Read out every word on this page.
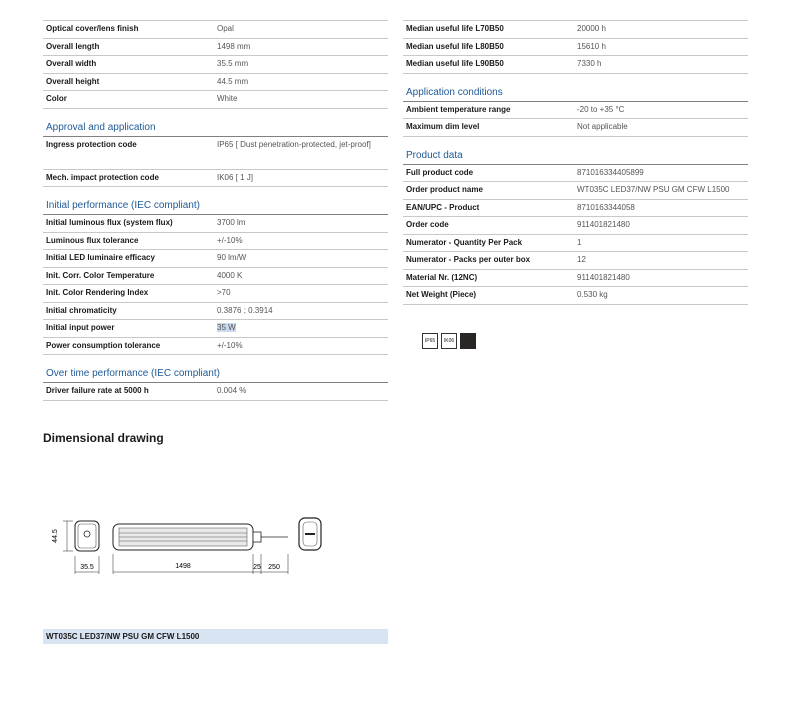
Optical cover/lens finish	Opal
Overall length	1498 mm
Overall width	35.5 mm
Overall height	44.5 mm
Color	White
Approval and application
Ingress protection code	IP65 [ Dust penetration-protected, jet-proof]
Mech. impact protection code	IK06 [ 1 J]
Initial performance (IEC compliant)
Initial luminous flux (system flux)	3700 lm
Luminous flux tolerance	+/-10%
Initial LED luminaire efficacy	90 lm/W
Init. Corr. Color Temperature	4000 K
Init. Color Rendering Index	>70
Initial chromaticity	0.3876 ; 0.3914
Initial input power	35 W
Power consumption tolerance	+/-10%
Over time performance (IEC compliant)
Driver failure rate at 5000 h	0.004 %
Median useful life L70B50	20000 h
Median useful life L80B50	15610 h
Median useful life L90B50	7330 h
Application conditions
Ambient temperature range	-20 to +35 °C
Maximum dim level	Not applicable
Product data
Full product code	871016334405899
Order product name	WT035C LED37/NW PSU GM CFW L1500
EAN/UPC - Product	8710163344058
Order code	911401821480
Numerator - Quantity Per Pack	1
Numerator - Packs per outer box	12
Material Nr. (12NC)	911401821480
Net Weight (Piece)	0.530 kg
IP65	IK06
Dimensional drawing
44.5
35.5	1498	25 250
WT035C LED37/NW PSU GM CFW L1500
